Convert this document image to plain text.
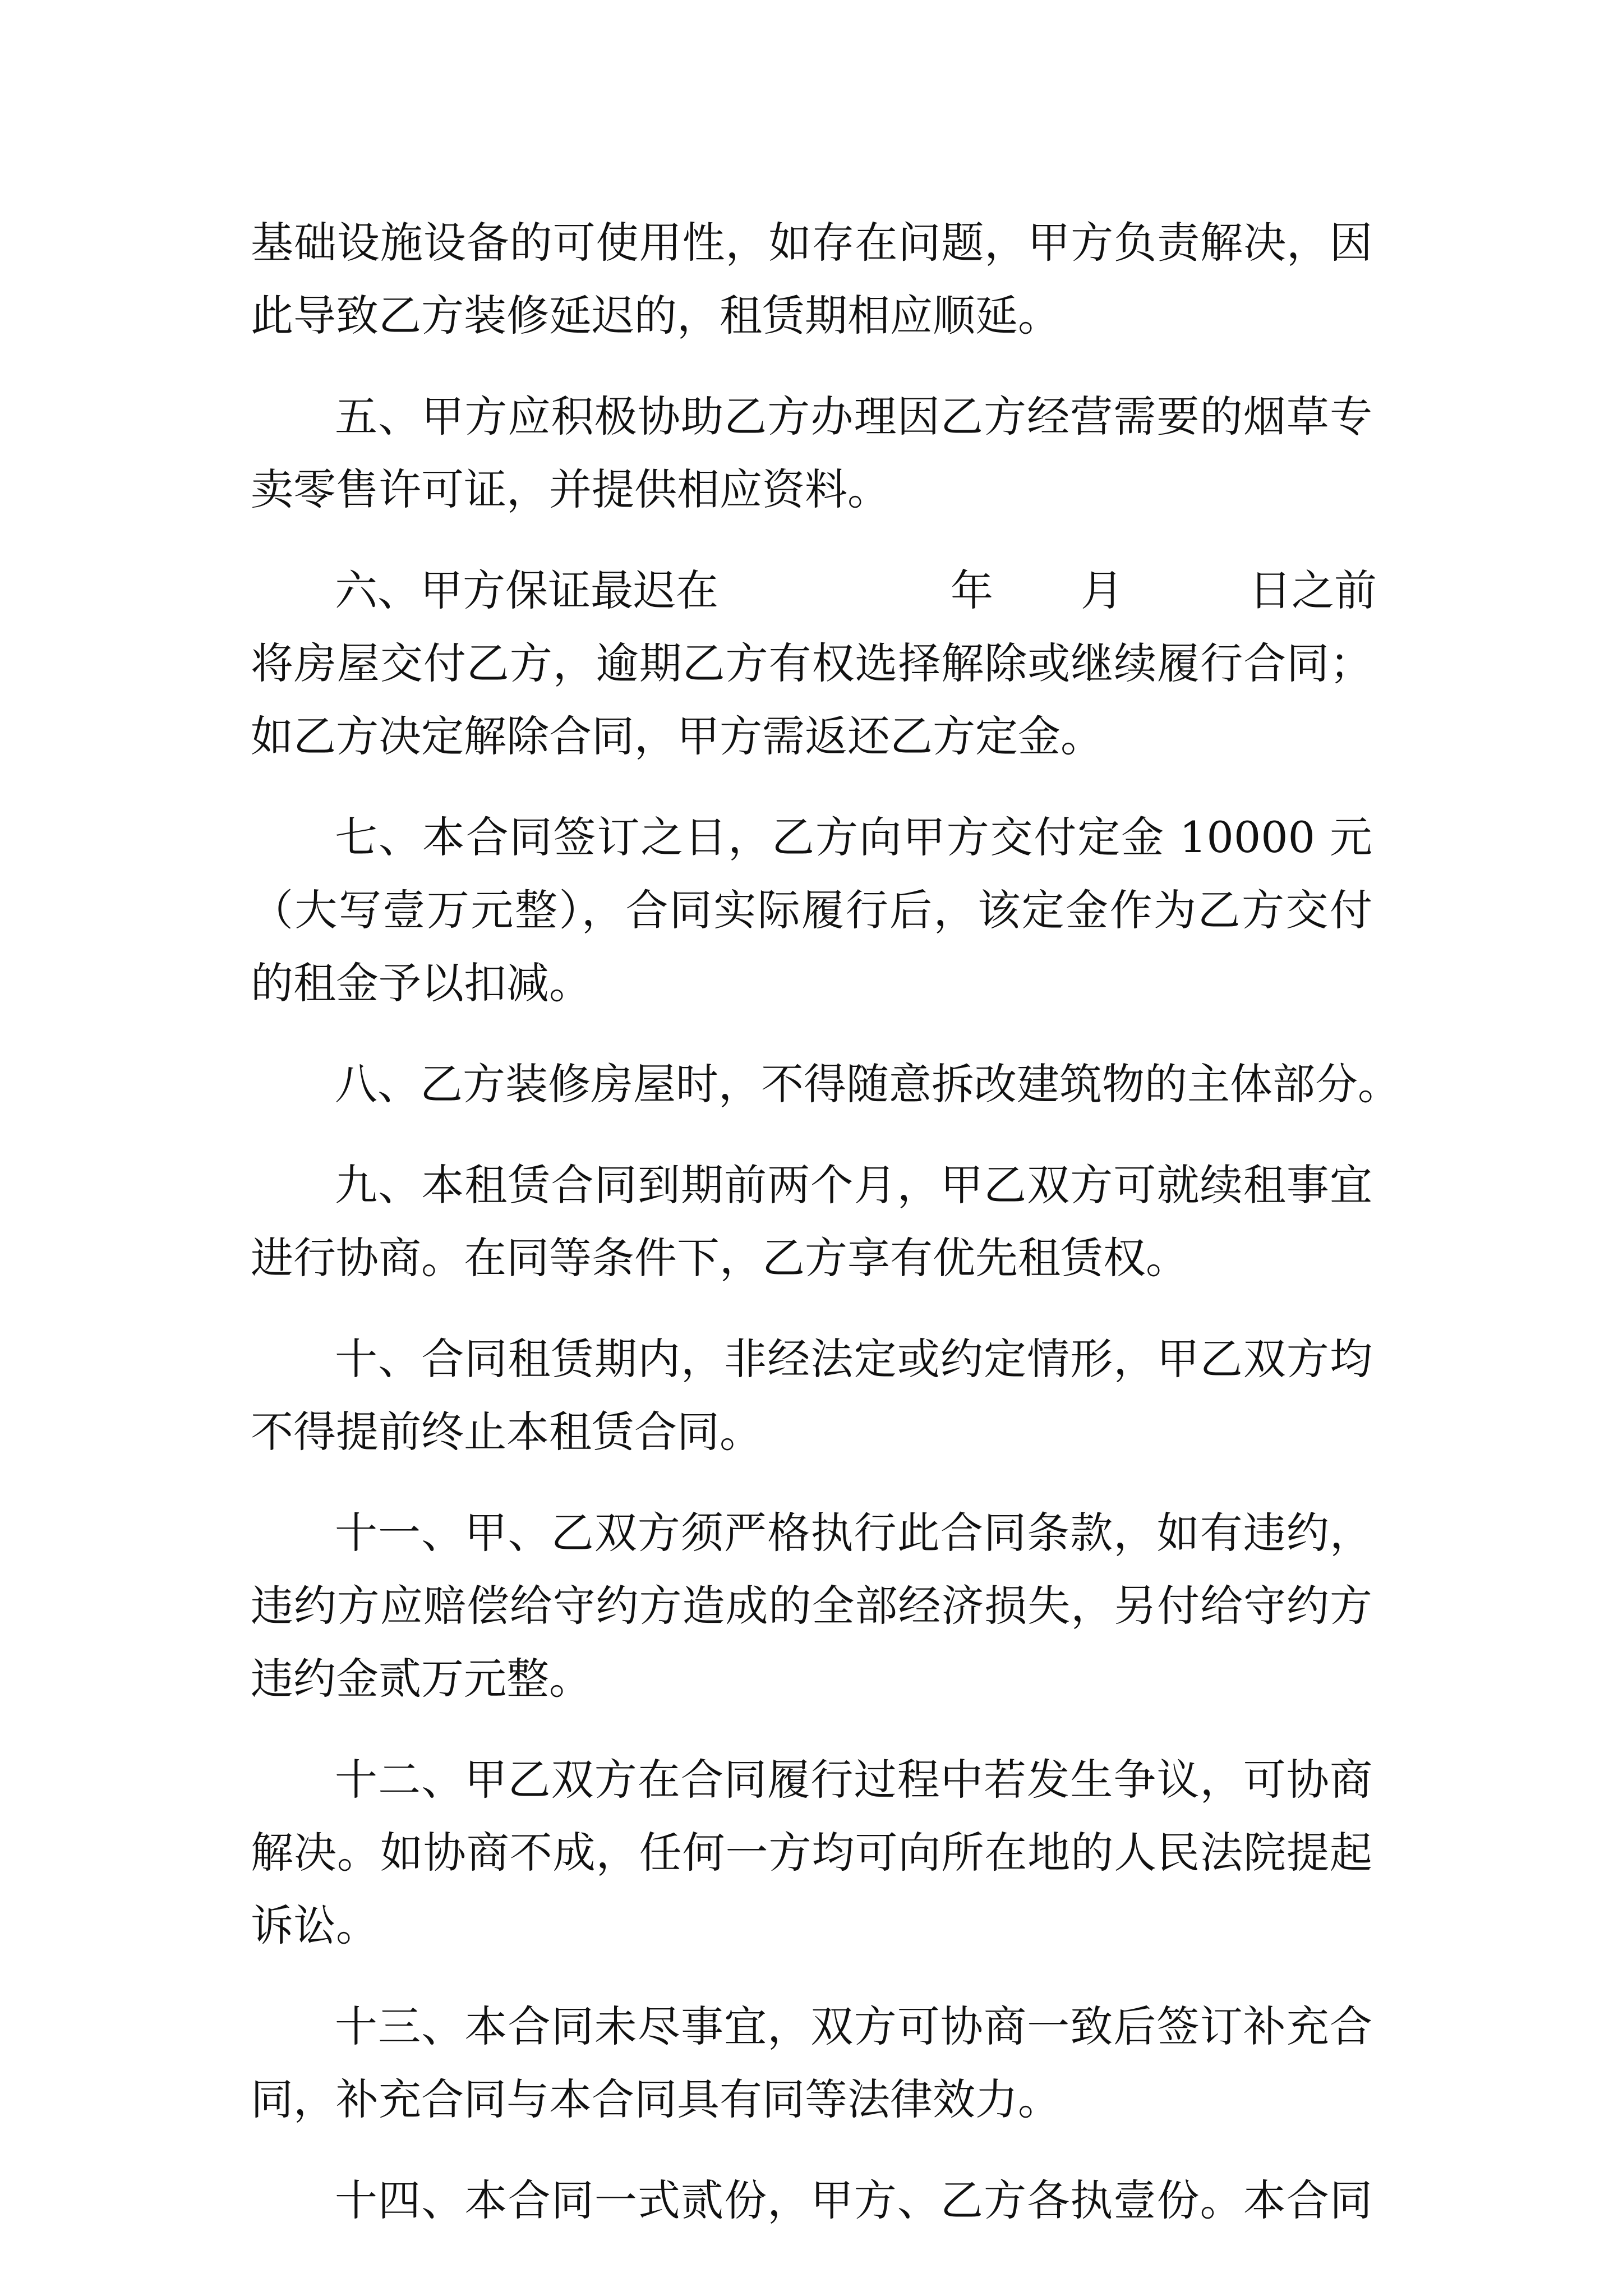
基础设施设备的可使用性，如存在问题，甲方负责解决，因
此导致乙方装修延迟的，租赁期相应顺延。
五、甲方应积极协助乙方办理因乙方经营需要的烟草专
卖零售许可证，并提供相应资料。
六、甲方保证最迟在	年 月	日之前
将房屋交付乙方，逾期乙方有权选择解除或继续履行合同；
如乙方决定解除合同，甲方需返还乙方定金。
七、本合同签订之日，乙方向甲方交付定金 10000 元
（大写壹万元整），合同实际履行后，该定金作为乙方交付
的租金予以扣减。
八、乙方装修房屋时，不得随意拆改建筑物的主体部分。
九、本租赁合同到期前两个月，甲乙双方可就续租事宜
进行协商。在同等条件下，乙方享有优先租赁权。
十、合同租赁期内，非经法定或约定情形，甲乙双方均
不得提前终止本租赁合同。
十一、甲、乙双方须严格执行此合同条款，如有违约，
违约方应赔偿给守约方造成的全部经济损失，另付给守约方
违约金贰万元整。
十二、甲乙双方在合同履行过程中若发生争议，可协商
解决。如协商不成，任何一方均可向所在地的人民法院提起
诉讼。
十三、本合同未尽事宜，双方可协商一致后签订补充合
同，补充合同与本合同具有同等法律效力。
十四、本合同一式贰份，甲方、乙方各执壹份。本合同
